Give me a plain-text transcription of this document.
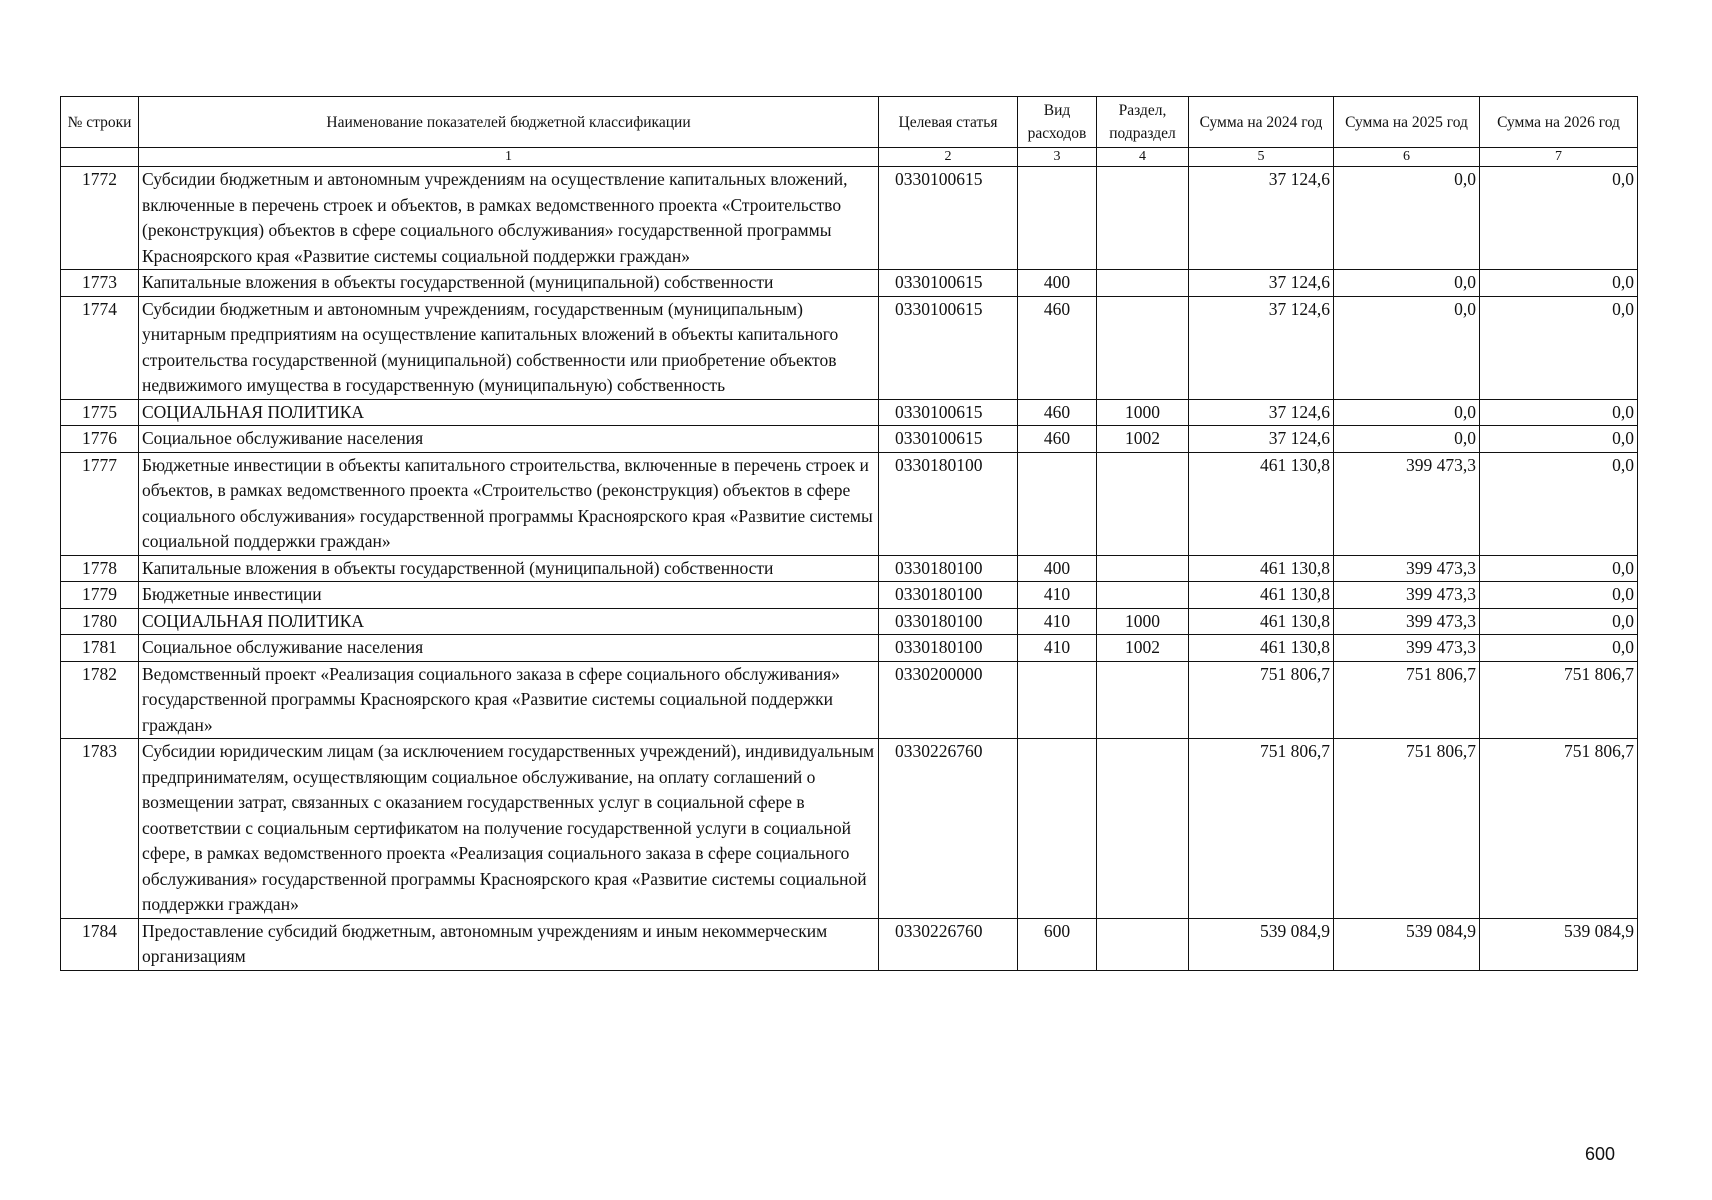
№ строки	Наименование показателей бюджетной классификации	Целевая статья	Вид расходов	Раздел, подраздел	Сумма на 2024 год	Сумма на 2025 год	Сумма на 2026 год
	1	2	3	4	5	6	7
1772	Субсидии бюджетным и автономным учреждениям на осуществление капитальных вложений, включенные в перечень строек и объектов, в рамках ведомственного проекта «Строительство (реконструкция) объектов в сфере социального обслуживания» государственной программы Красноярского края «Развитие системы социальной поддержки граждан»	0330100615			37 124,6	0,0	0,0
1773	Капитальные вложения в объекты государственной (муниципальной) собственности	0330100615	400		37 124,6	0,0	0,0
1774	Субсидии бюджетным и автономным учреждениям, государственным (муниципальным) унитарным предприятиям на осуществление капитальных вложений в объекты капитального строительства государственной (муниципальной) собственности или приобретение объектов недвижимого имущества в государственную (муниципальную) собственность	0330100615	460		37 124,6	0,0	0,0
1775	СОЦИАЛЬНАЯ ПОЛИТИКА	0330100615	460	1000	37 124,6	0,0	0,0
1776	Социальное обслуживание населения	0330100615	460	1002	37 124,6	0,0	0,0
1777	Бюджетные инвестиции в объекты капитального строительства, включенные в перечень строек и объектов, в рамках ведомственного проекта «Строительство (реконструкция) объектов в сфере социального обслуживания» государственной программы Красноярского края «Развитие системы социальной поддержки граждан»	0330180100			461 130,8	399 473,3	0,0
1778	Капитальные вложения в объекты государственной (муниципальной) собственности	0330180100	400		461 130,8	399 473,3	0,0
1779	Бюджетные инвестиции	0330180100	410		461 130,8	399 473,3	0,0
1780	СОЦИАЛЬНАЯ ПОЛИТИКА	0330180100	410	1000	461 130,8	399 473,3	0,0
1781	Социальное обслуживание населения	0330180100	410	1002	461 130,8	399 473,3	0,0
1782	Ведомственный проект «Реализация социального заказа в сфере социального обслуживания» государственной программы Красноярского края «Развитие системы социальной поддержки граждан»	0330200000			751 806,7	751 806,7	751 806,7
1783	Субсидии юридическим лицам (за исключением государственных учреждений), индивидуальным предпринимателям, осуществляющим социальное обслуживание, на оплату соглашений о возмещении затрат, связанных с оказанием государственных услуг в социальной сфере в соответствии с социальным сертификатом на получение государственной услуги в социальной сфере, в рамках ведомственного проекта «Реализация социального заказа в сфере социального обслуживания» государственной программы Красноярского края «Развитие системы социальной поддержки граждан»	0330226760			751 806,7	751 806,7	751 806,7
1784	Предоставление субсидий бюджетным, автономным учреждениям и иным некоммерческим организациям	0330226760	600		539 084,9	539 084,9	539 084,9
600
